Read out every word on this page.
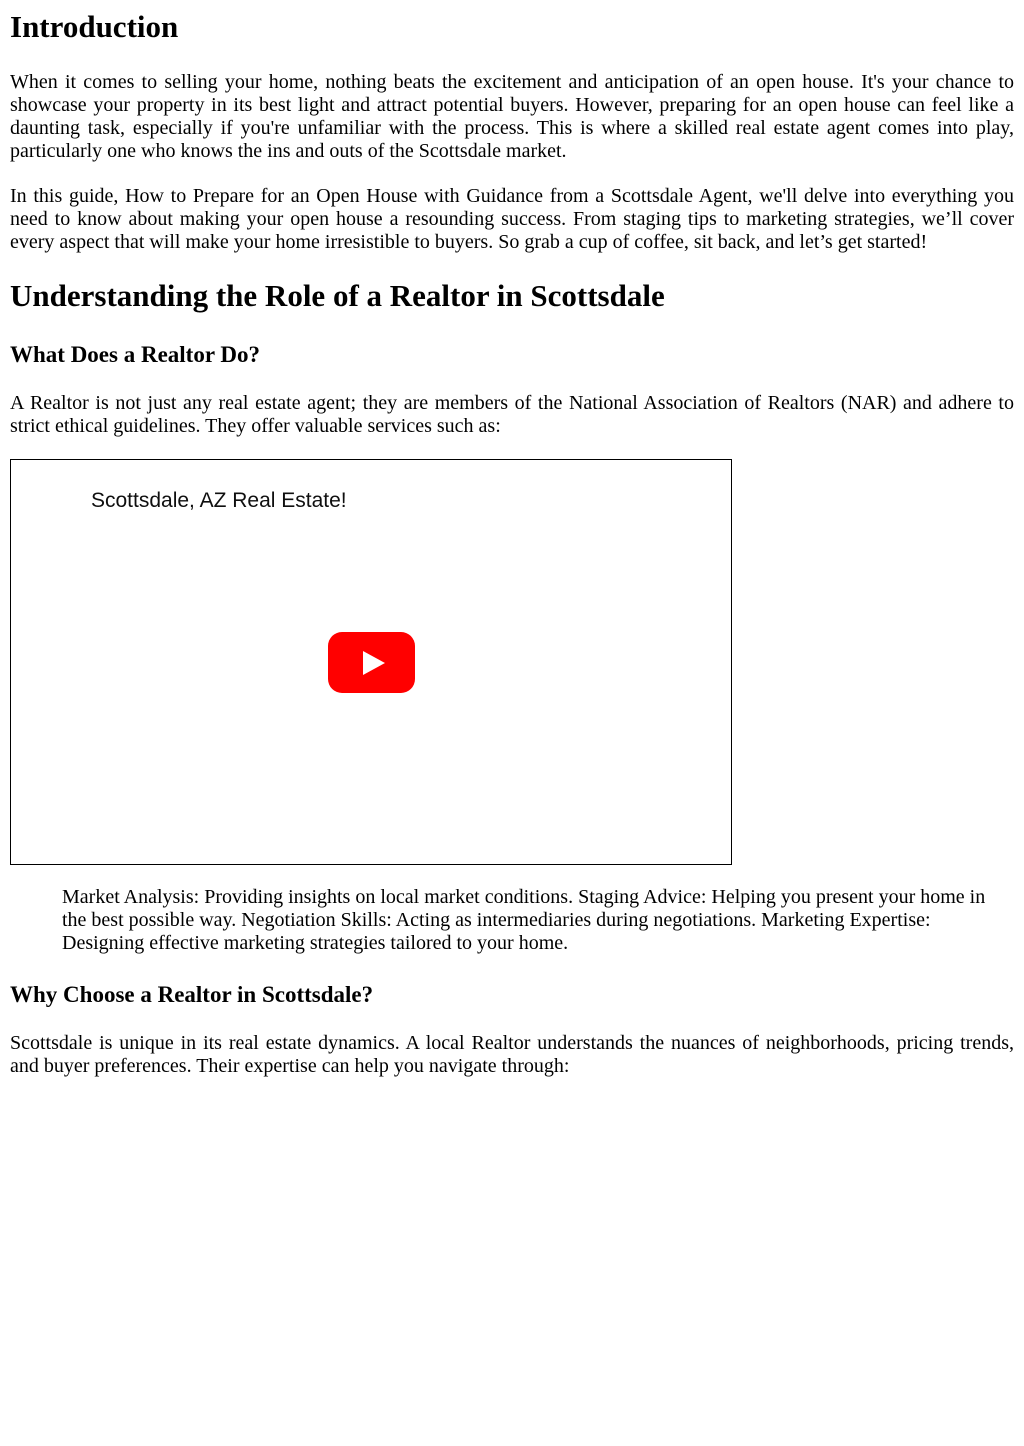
Introduction

When it comes to selling your home, nothing beats the excitement and anticipation of an open house. It's your chance to showcase your property in its best light and attract potential buyers. However, preparing for an open house can feel like a daunting task, especially if you're unfamiliar with the process. This is where a skilled real estate agent comes into play, particularly one who knows the ins and outs of the Scottsdale market.

In this guide, How to Prepare for an Open House with Guidance from a Scottsdale Agent, we'll delve into everything you need to know about making your open house a resounding success. From staging tips to marketing strategies, we’ll cover every aspect that will make your home irresistible to buyers. So grab a cup of coffee, sit back, and let’s get started!

Understanding the Role of a Realtor in Scottsdale
What Does a Realtor Do?

A Realtor is not just any real estate agent; they are members of the National Association of Realtors (NAR) and adhere to strict ethical guidelines. They offer valuable services such as:

Scottsdale, AZ Real Estate!

Market Analysis: Providing insights on local market conditions. Staging Advice: Helping you present your home in the best possible way. Negotiation Skills: Acting as intermediaries during negotiations. Marketing Expertise: Designing effective marketing strategies tailored to your home.

Why Choose a Realtor in Scottsdale?

Scottsdale is unique in its real estate dynamics. A local Realtor understands the nuances of neighborhoods, pricing trends, and buyer preferences. Their expertise can help you navigate through:
